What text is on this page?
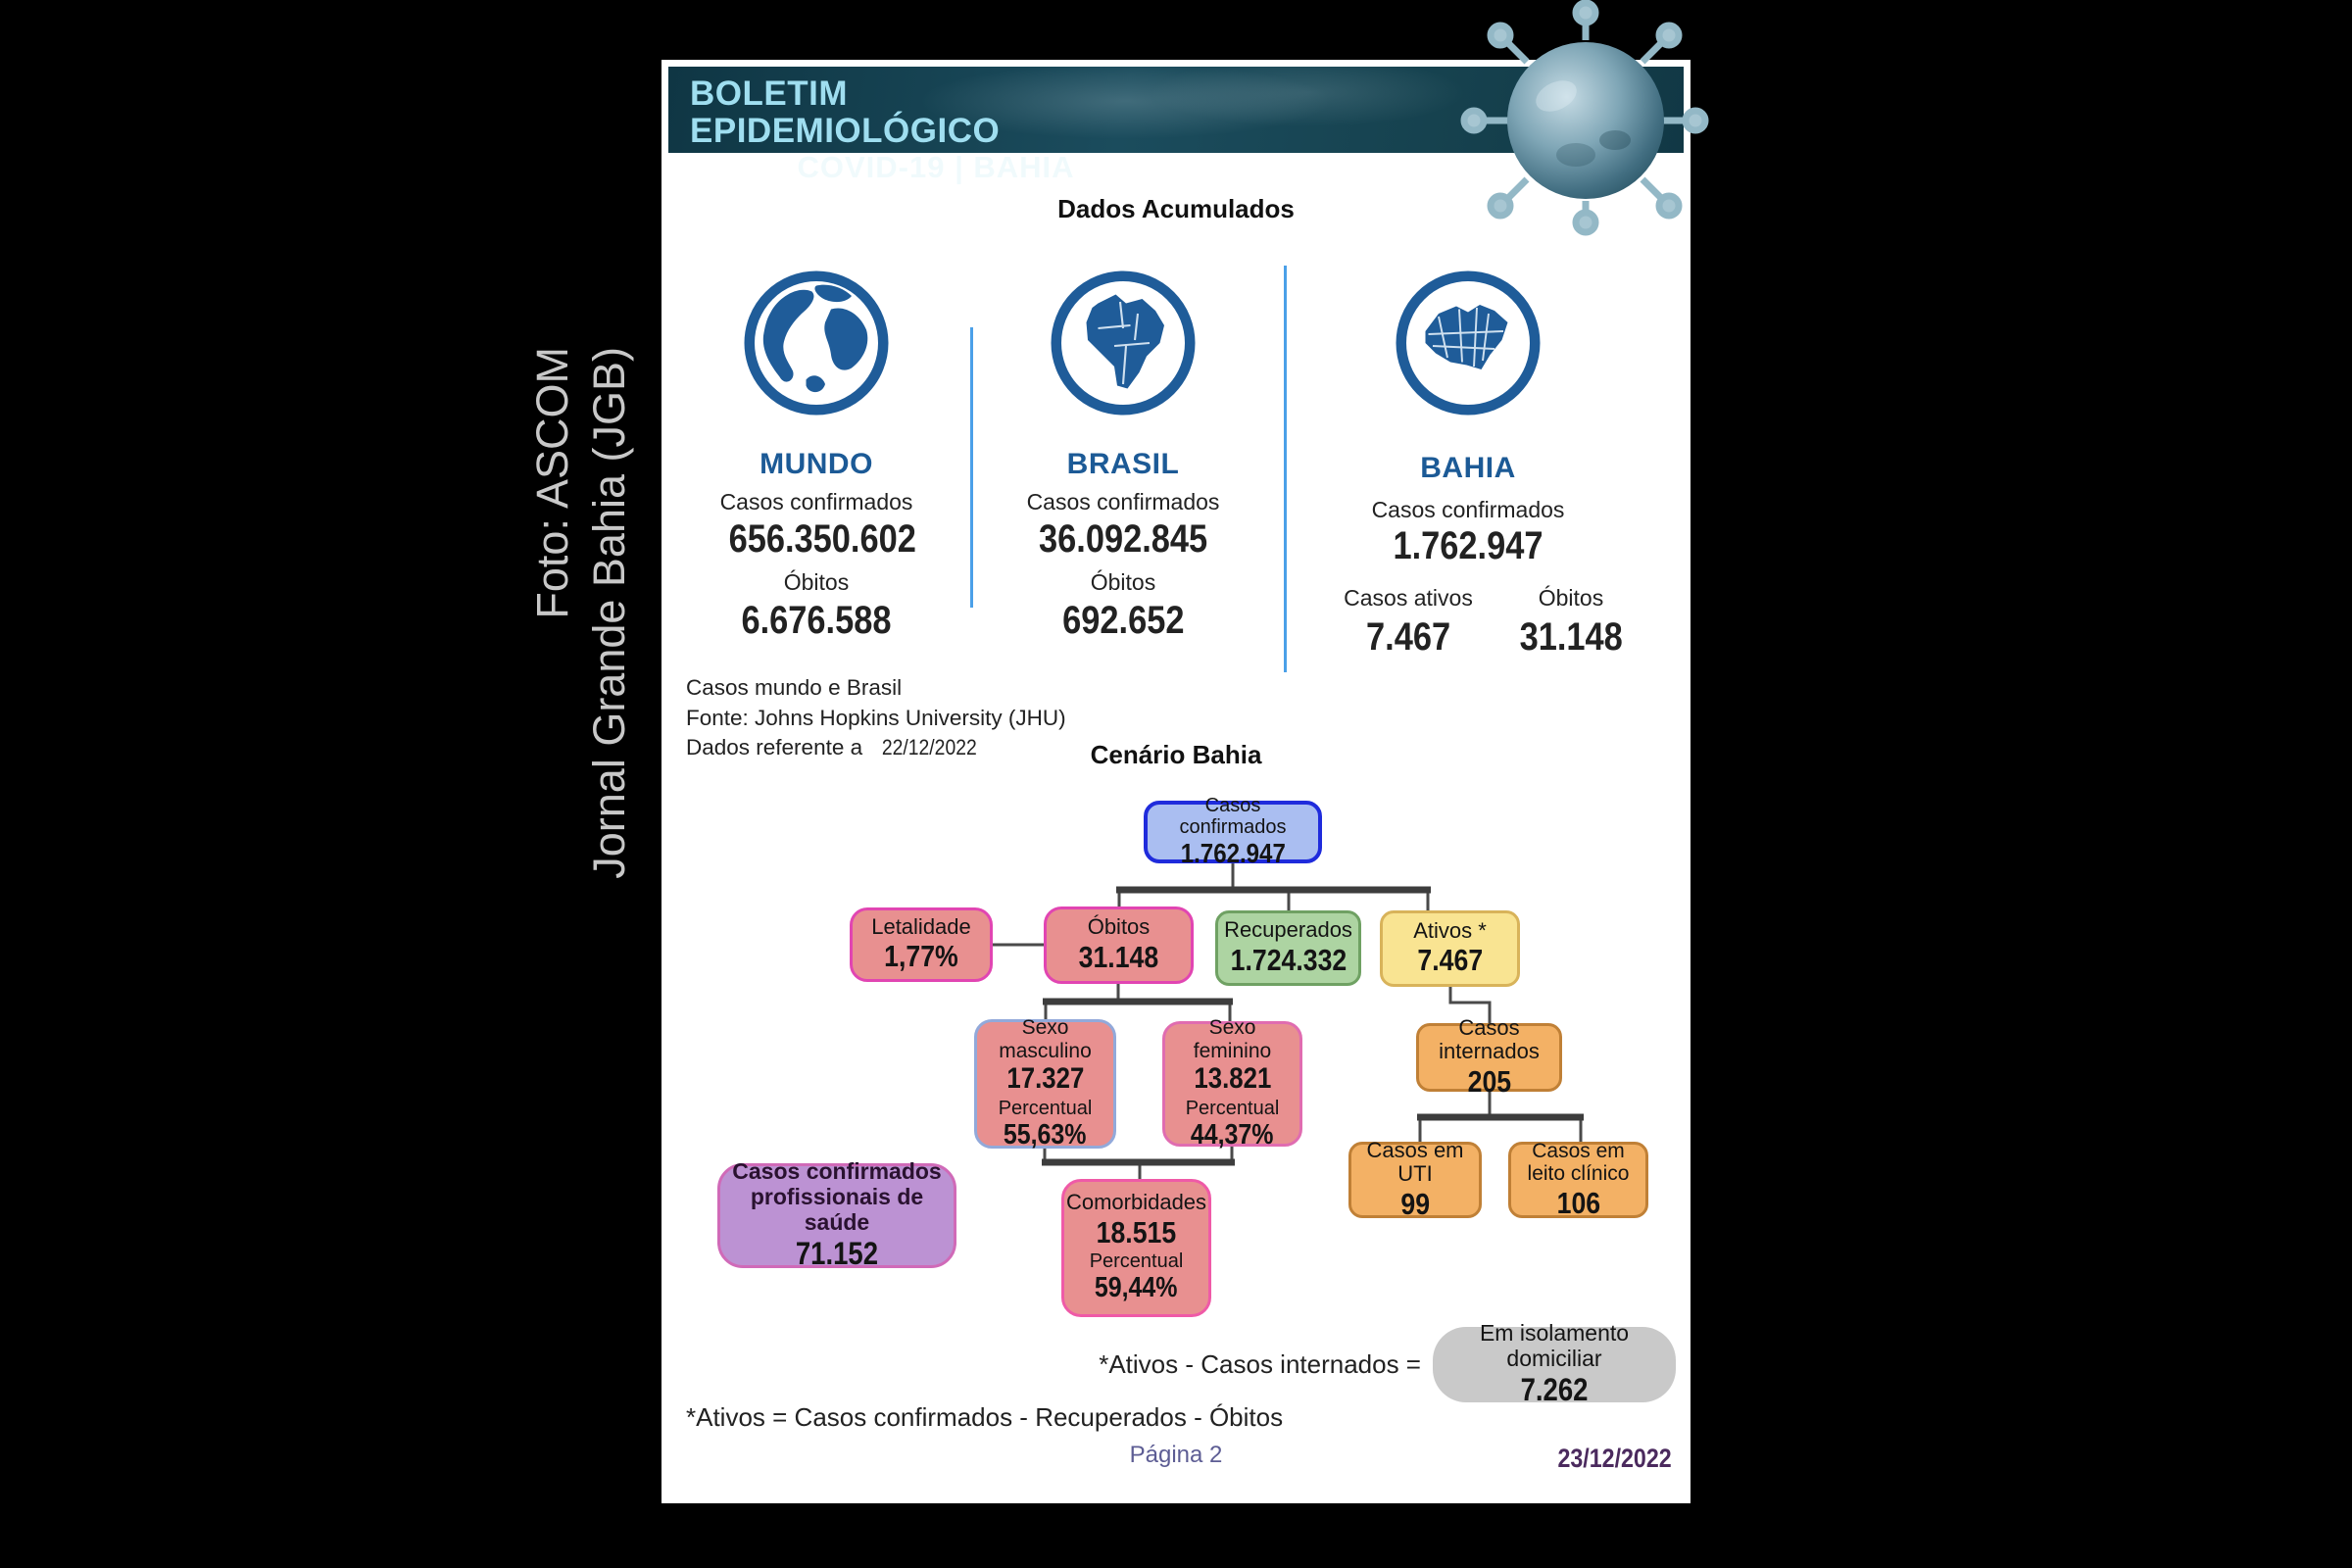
Foto: ASCOM Jornal Grande Bahia (JGB)
BOLETIM EPIDEMIOLÓGICO
COVID-19 | BAHIA
Dados Acumulados
MUNDO
Casos confirmados
656.350.602
Óbitos
6.676.588
BRASIL
Casos confirmados
36.092.845
Óbitos
692.652
BAHIA
Casos confirmados
1.762.947
Casos ativos
7.467
Óbitos
31.148
Casos mundo e Brasil
Fonte: Johns Hopkins University (JHU)
Dados referente a 22/12/2022	Cenário Bahia
Casos confirmados
1.762.947
Letalidade
1,77%
Óbitos
31.148
Recuperados
1.724.332
Ativos *
7.467
Sexo masculino
17.327
Percentual
55,63%
Sexo feminino
13.821
Percentual
44,37%
Casos confirmados profissionais de saúde
71.152
Comorbidades
18.515
Percentual
59,44%
Casos internados
205
Casos em UTI
99
Casos em leito clínico
106
Em isolamento domiciliar
7.262
*Ativos - Casos internados =
*Ativos = Casos confirmados - Recuperados - Óbitos
Página 2	23/12/2022
